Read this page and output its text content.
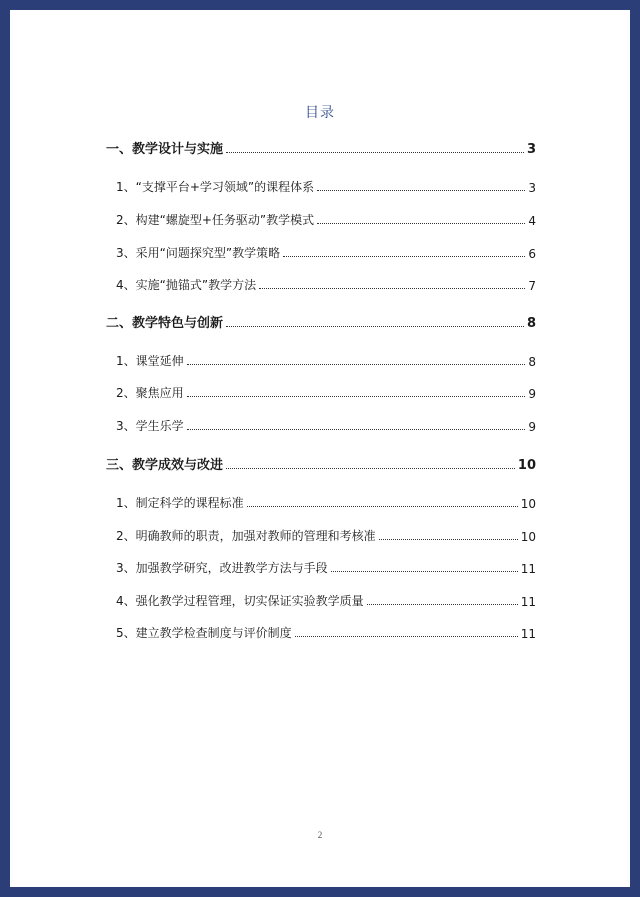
目录
一、教学设计与实施	3
1、“支撑平台+学习领域”的课程体系	3
2、构建“螺旋型+任务驱动”教学模式	4
3、采用“问题探究型”教学策略	6
4、实施“抛锚式”教学方法	7
二、教学特色与创新	8
1、课堂延伸	8
2、聚焦应用	9
3、学生乐学	9
三、教学成效与改进	10
1、制定科学的课程标准	10
2、明确教师的职责，加强对教师的管理和考核准	10
3、加强教学研究，改进教学方法与手段	11
4、强化教学过程管理，切实保证实验教学质量	11
5、建立教学检查制度与评价制度	11
2
